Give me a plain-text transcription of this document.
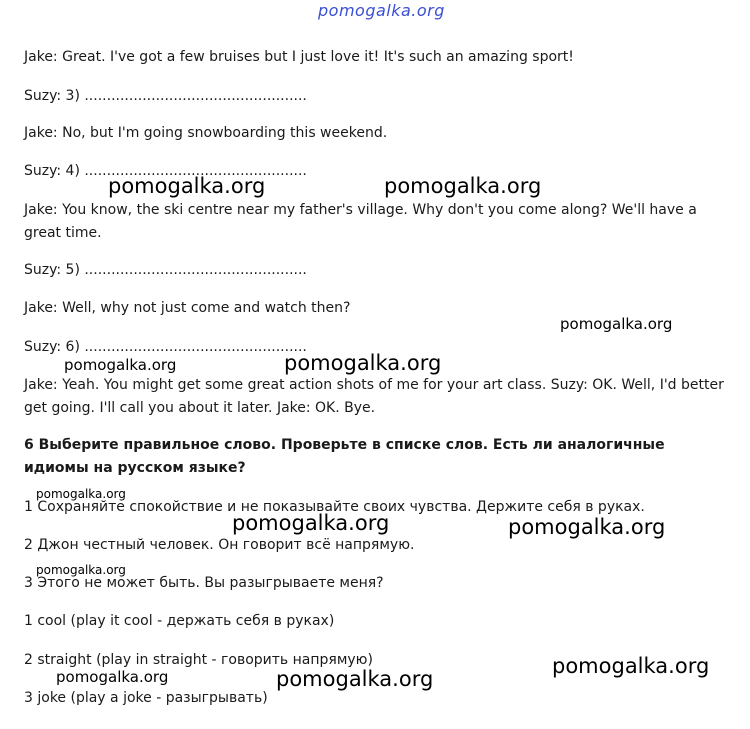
pomogalka.org
Jake: Great. I've got a few bruises but I just love it! It's such an amazing sport!
Suzy: 3) ..................................................
Jake: No, but I'm going snowboarding this weekend.
Suzy: 4) ..................................................
Jake: You know, the ski centre near my father's village. Why don't you come along? We'll have a great time.
Suzy: 5) ..................................................
Jake: Well, why not just come and watch then?
Suzy: 6) ..................................................
Jake: Yeah. You might get some great action shots of me for your art class. Suzy: OK. Well, I'd better get going. I'll call you about it later. Jake: OK. Bye.
6 Выберите правильное слово. Проверьте в списке слов. Есть ли аналогичные идиомы на русском языке?
1 Сохраняйте спокойствие и не показывайте своих чувства. Держите себя в руках.
2 Джон честный человек. Он говорит всё напрямую.
3 Этого не может быть. Вы разыгрываете меня?
1 cool (play it cool - держать себя в руках)
2 straight (play in straight - говорить напрямую)
3 joke (play a joke - разыгрывать)
pomogalka.org	pomogalka.org
pomogalka.org
pomogalka.org	pomogalka.org
pomogalka.org
pomogalka.org	pomogalka.org
pomogalka.org
pomogalka.org
pomogalka.org	pomogalka.org
